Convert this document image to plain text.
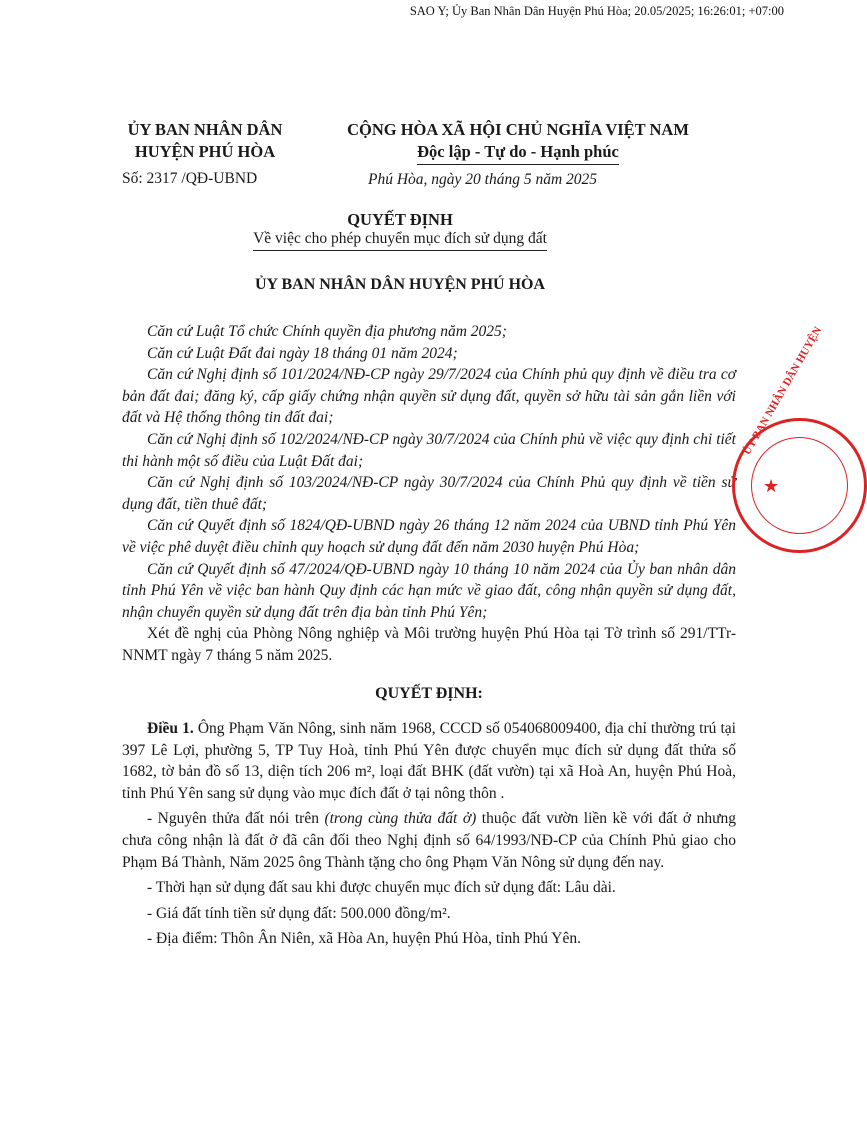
SAO Y; Ủy Ban Nhân Dân Huyện Phú Hòa; 20.05/2025; 16:26:01; +07:00
ỦY BAN NHÂN DÂN
HUYỆN PHÚ HÒA
Số: 2317 /QĐ-UBND
CỘNG HÒA XÃ HỘI CHỦ NGHĨA VIỆT NAM
Độc lập - Tự do - Hạnh phúc
Phú Hòa, ngày 20 tháng 5 năm 2025
QUYẾT ĐỊNH
Về việc cho phép chuyển mục đích sử dụng đất
ỦY BAN NHÂN DÂN HUYỆN PHÚ HÒA

Căn cứ Luật Tổ chức Chính quyền địa phương năm 2025;

Căn cứ Luật Đất đai ngày 18 tháng 01 năm 2024;

Căn cứ Nghị định số 101/2024/NĐ-CP ngày 29/7/2024 của Chính phủ quy định về điều tra cơ bản đất đai; đăng ký, cấp giấy chứng nhận quyền sử dụng đất, quyền sở hữu tài sản gắn liền với đất và Hệ thống thông tin đất đai;

Căn cứ Nghị định số 102/2024/NĐ-CP ngày 30/7/2024 của Chính phủ về việc quy định chi tiết thi hành một số điều của Luật Đất đai;

Căn cứ Nghị định số 103/2024/NĐ-CP ngày 30/7/2024 của Chính Phủ quy định về tiền sử dụng đất, tiền thuê đất;

Căn cứ Quyết định số 1824/QĐ-UBND ngày 26 tháng 12 năm 2024 của UBND tỉnh Phú Yên về việc phê duyệt điều chỉnh quy hoạch sử dụng đất đến năm 2030 huyện Phú Hòa;

Căn cứ Quyết định số 47/2024/QĐ-UBND ngày 10 tháng 10 năm 2024 của Ủy ban nhân dân tỉnh Phú Yên về việc ban hành Quy định các hạn mức về giao đất, công nhận quyền sử dụng đất, nhận chuyển quyền sử dụng đất trên địa bàn tỉnh Phú Yên;

Xét đề nghị của Phòng Nông nghiệp và Môi trường huyện Phú Hòa tại Tờ trình số 291/TTr-NNMT ngày 7 tháng 5 năm 2025.

QUYẾT ĐỊNH:

Điều 1. Ông Phạm Văn Nông, sinh năm 1968, CCCD số 054068009400, địa chỉ thường trú tại 397 Lê Lợi, phường 5, TP Tuy Hoà, tỉnh Phú Yên được chuyển mục đích sử dụng đất thửa số 1682, tờ bản đồ số 13, diện tích 206 m², loại đất BHK (đất vườn) tại xã Hoà An, huyện Phú Hoà, tỉnh Phú Yên sang sử dụng vào mục đích đất ở tại nông thôn .

- Nguyên thửa đất nói trên (trong cùng thửa đất ở) thuộc đất vườn liền kề với đất ở nhưng chưa công nhận là đất ở đã cân đối theo Nghị định số 64/1993/NĐ-CP của Chính Phủ giao cho Phạm Bá Thành, Năm 2025 ông Thành tặng cho ông Phạm Văn Nông sử dụng đến nay.

- Thời hạn sử dụng đất sau khi được chuyển mục đích sử dụng đất: Lâu dài.

- Giá đất tính tiền sử dụng đất: 500.000 đồng/m².

- Địa điểm: Thôn Ân Niên, xã Hòa An, huyện Phú Hòa, tỉnh Phú Yên.

ỦY BAN NHÂN DÂN HUYỆN
★
